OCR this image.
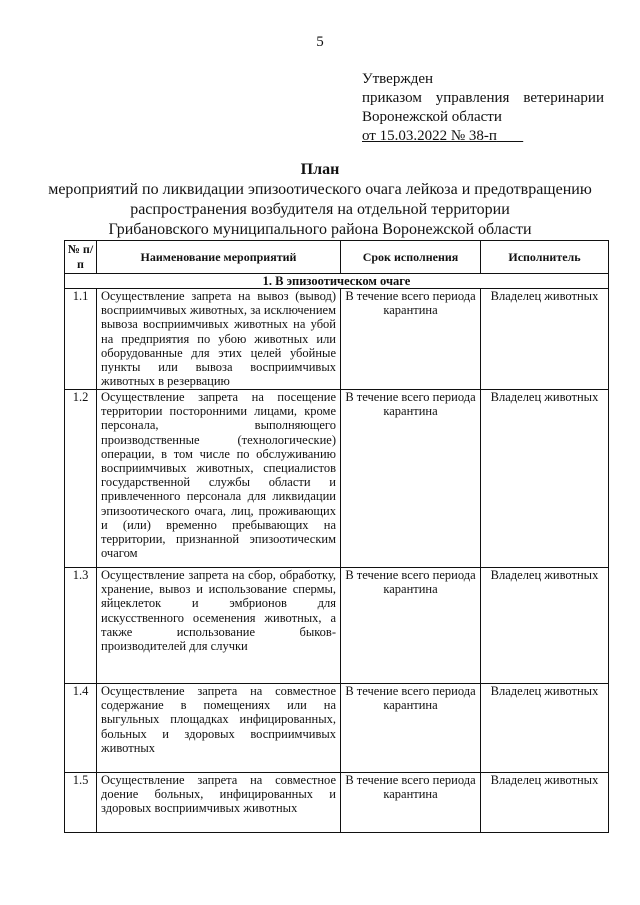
5
Утвержден
приказом управления ветеринарии
Воронежской области
от 15.03.2022 № 38-п
План
мероприятий по ликвидации эпизоотического очага лейкоза и предотвращению
распространения возбудителя на отдельной территории
Грибановского муниципального района Воронежской области
№ п/п	Наименование мероприятий	Срок исполнения	Исполнитель
1. В эпизоотическом очаге			
1.1	Осуществление запрета на вывоз (вывод) восприимчивых животных, за исключением вывоза восприимчивых животных на убой на предприятия по убою животных или оборудованные для этих целей убойные пункты или вывоза восприимчивых животных в резервацию	В течение всего периода карантина	Владелец животных
1.2	Осуществление запрета на посещение территории посторонними лицами, кроме персонала, выполняющего производственные (технологические) операции, в том числе по обслуживанию восприимчивых животных, специалистов государственной службы области и привлеченного персонала для ликвидации эпизоотического очага, лиц, проживающих и (или) временно пребывающих на территории, признанной эпизоотическим очагом	В течение всего периода карантина	Владелец животных
1.3	Осуществление запрета на сбор, обработку, хранение, вывоз и использование спермы, яйцеклеток и эмбрионов для искусственного осеменения животных, а также использование быков-производителей для случки	В течение всего периода карантина	Владелец животных
1.4	Осуществление запрета на совместное содержание в помещениях или на выгульных площадках инфицированных, больных и здоровых восприимчивых животных	В течение всего периода карантина	Владелец животных
1.5	Осуществление запрета на совместное доение больных, инфицированных и здоровых восприимчивых животных	В течение всего периода карантина	Владелец животных
